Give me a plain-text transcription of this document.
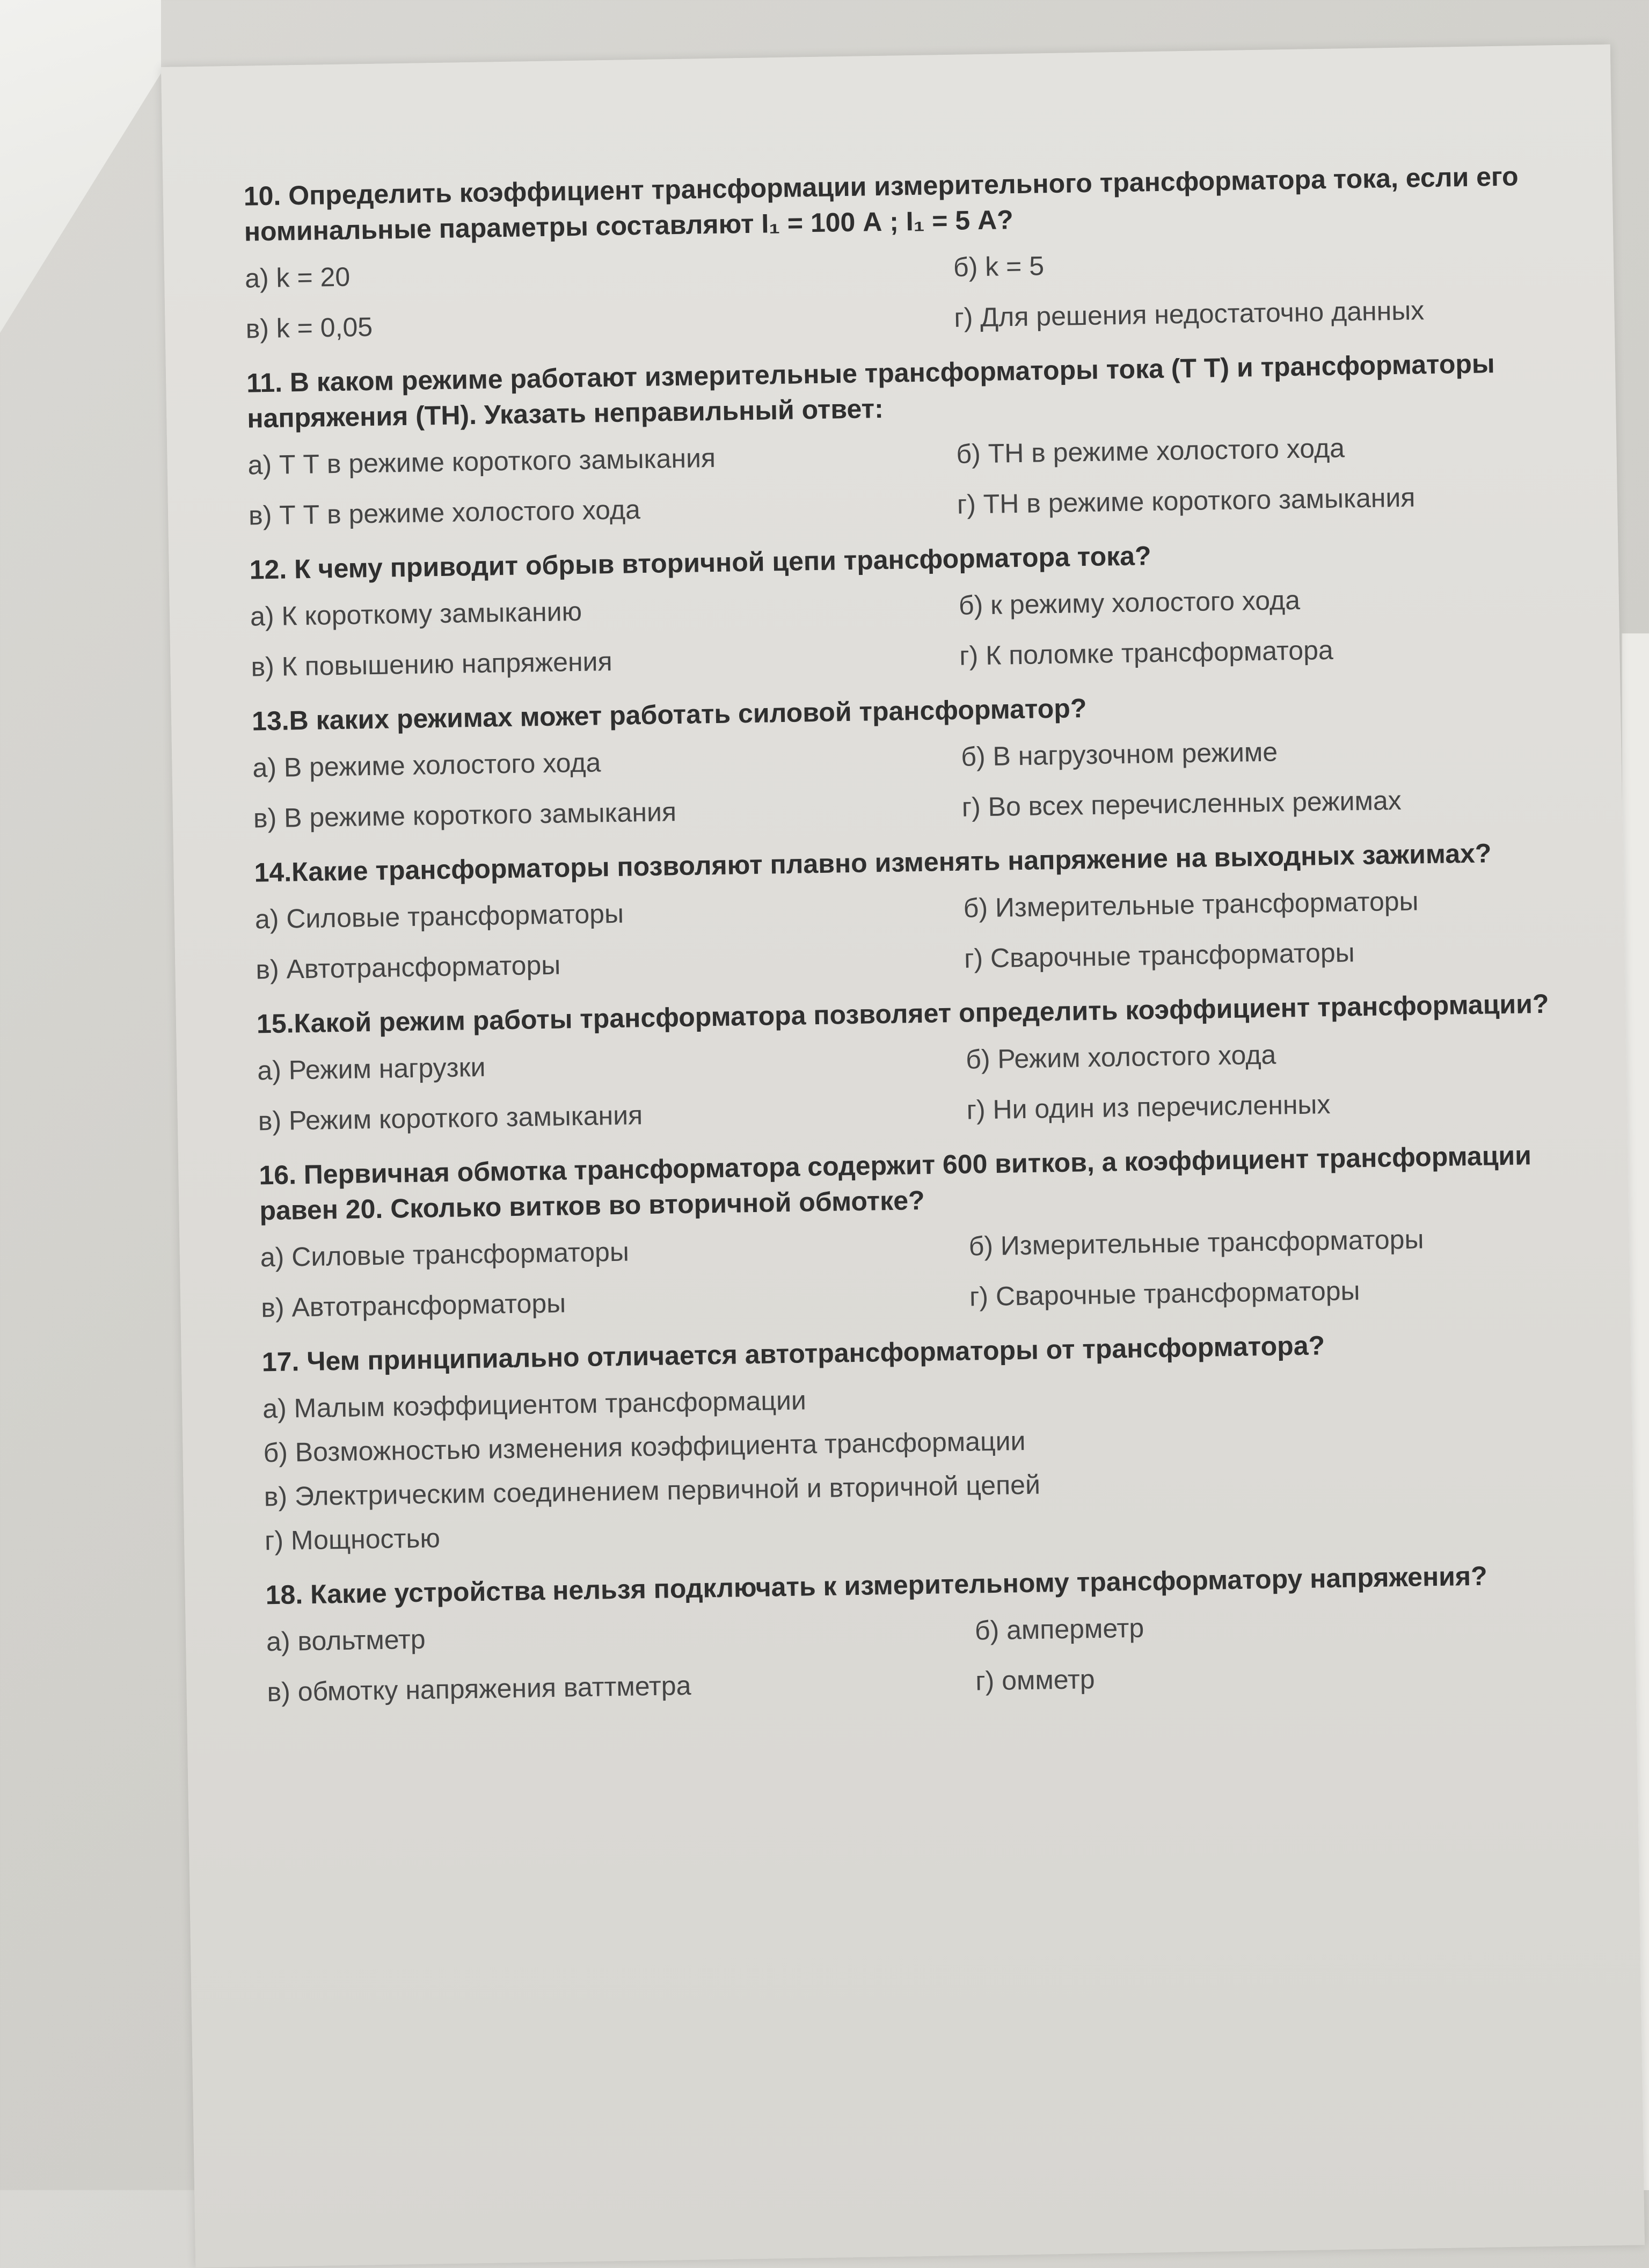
10. Определить коэффициент трансформации измерительного трансформатора тока, если его номинальные параметры составляют I₁ = 100 А ; I₁ = 5 А?

а) k = 20	б) k = 5
в) k = 0,05	г) Для решения недостаточно данных

11. В каком режиме работают измерительные трансформаторы тока (Т Т) и трансформаторы напряжения (ТН). Указать неправильный ответ:

а) Т Т в режиме короткого замыкания	б) ТН в режиме холостого хода
в) Т Т в режиме холостого хода	г) ТН в режиме короткого замыкания

12. К чему приводит обрыв вторичной цепи трансформатора тока?

а) К короткому замыканию	б) к режиму холостого хода
в) К повышению напряжения	г) К поломке трансформатора

13.В каких режимах может работать силовой трансформатор?

а) В режиме холостого хода	б) В нагрузочном режиме
в) В режиме короткого замыкания	г) Во всех перечисленных режимах

14.Какие трансформаторы позволяют плавно изменять напряжение на выходных зажимах?

а) Силовые трансформаторы	б) Измерительные трансформаторы
в) Автотрансформаторы	г) Сварочные трансформаторы

15.Какой режим работы трансформатора позволяет определить коэффициент трансформации?

а) Режим нагрузки	б) Режим холостого хода
в) Режим короткого замыкания	г) Ни один из перечисленных

16. Первичная обмотка трансформатора содержит 600 витков, а коэффициент трансформации равен 20. Сколько витков во вторичной обмотке?

а) Силовые трансформаторы	б) Измерительные трансформаторы
в) Автотрансформаторы	г) Сварочные трансформаторы

17. Чем принципиально отличается автотрансформаторы от трансформатора?

а) Малым коэффициентом трансформации
б) Возможностью изменения коэффициента трансформации
в) Электрическим соединением первичной и вторичной цепей
г) Мощностью

18. Какие устройства нельзя подключать к измерительному трансформатору напряжения?

а) вольтметр	б) амперметр
в) обмотку напряжения ваттметра	г) омметр
